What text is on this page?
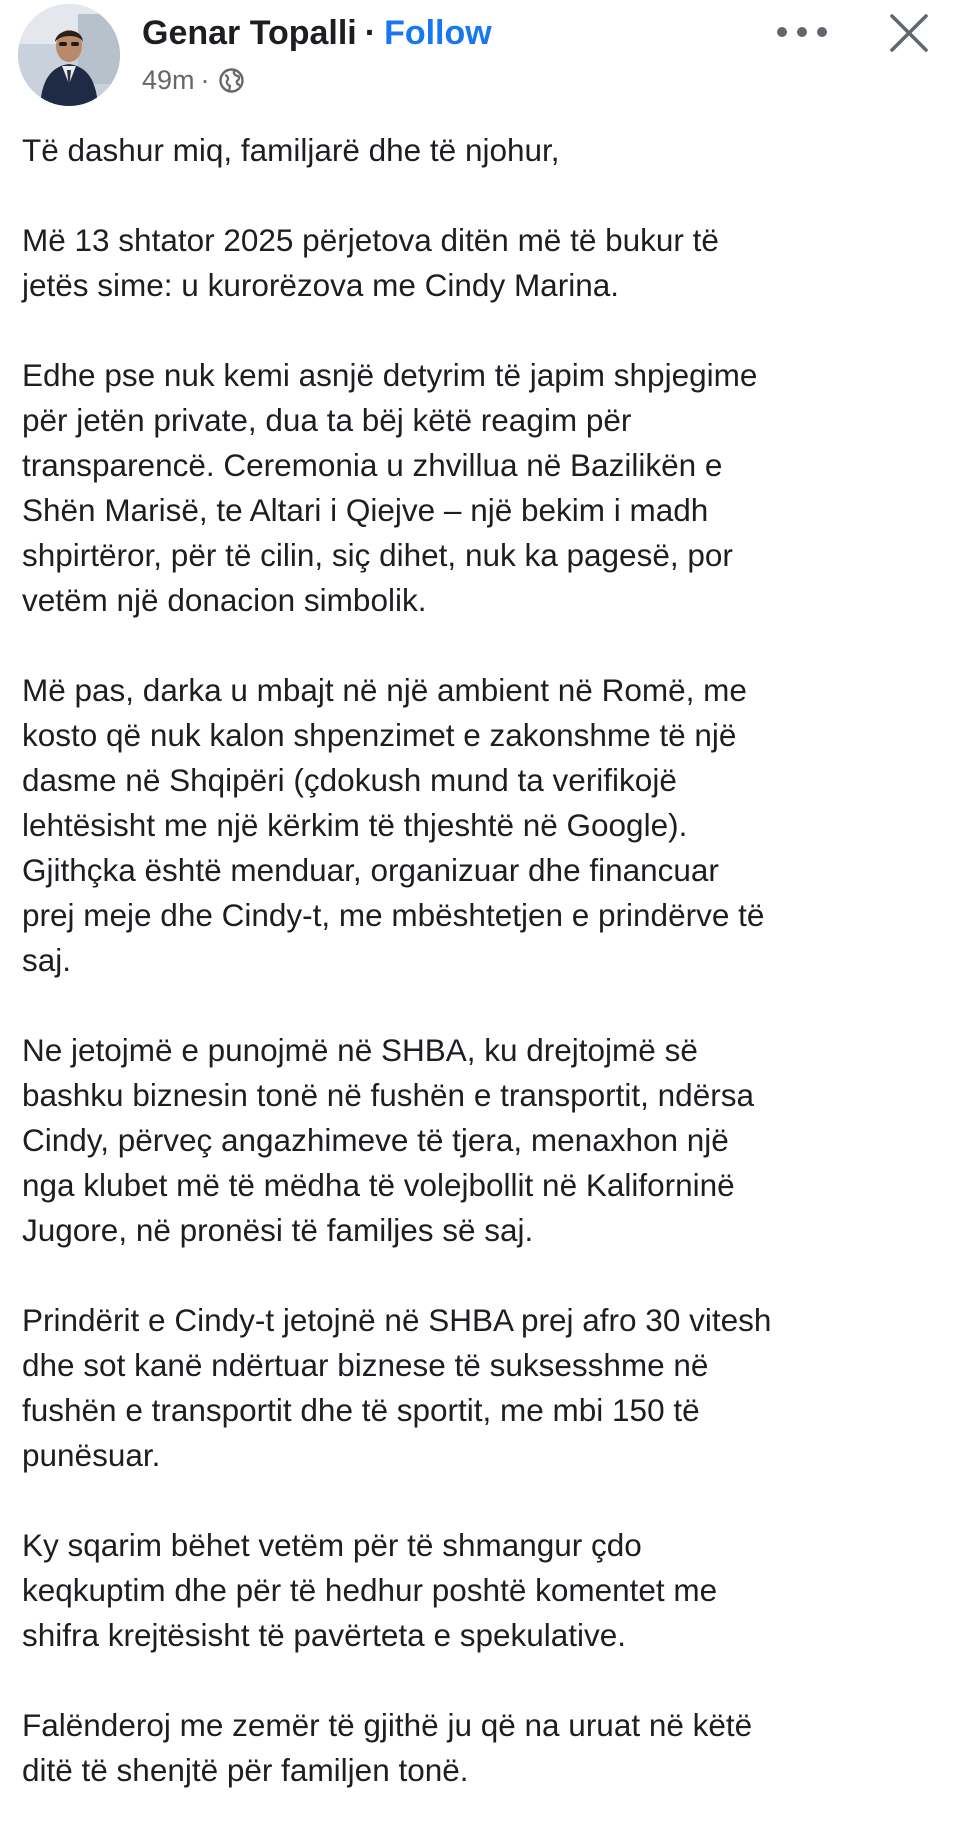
Genar Topalli · Follow
49m ·

Të dashur miq, familjarë dhe të njohur,

Më 13 shtator 2025 përjetova ditën më të bukur të
jetës sime: u kurorëzova me Cindy Marina.

Edhe pse nuk kemi asnjë detyrim të japim shpjegime
për jetën private, dua ta bëj këtë reagim për
transparencë. Ceremonia u zhvillua në Bazilikën e
Shën Marisë, te Altari i Qiejve – një bekim i madh
shpirtëror, për të cilin, siç dihet, nuk ka pagesë, por
vetëm një donacion simbolik.

Më pas, darka u mbajt në një ambient në Romë, me
kosto që nuk kalon shpenzimet e zakonshme të një
dasme në Shqipëri (çdokush mund ta verifikojë
lehtësisht me një kërkim të thjeshtë në Google).
Gjithçka është menduar, organizuar dhe financuar
prej meje dhe Cindy-t, me mbështetjen e prindërve të
saj.

Ne jetojmë e punojmë në SHBA, ku drejtojmë së
bashku biznesin tonë në fushën e transportit, ndërsa
Cindy, përveç angazhimeve të tjera, menaxhon një
nga klubet më të mëdha të volejbollit në Kaliforninë
Jugore, në pronësi të familjes së saj.

Prindërit e Cindy-t jetojnë në SHBA prej afro 30 vitesh
dhe sot kanë ndërtuar biznese të suksesshme në
fushën e transportit dhe të sportit, me mbi 150 të
punësuar.

Ky sqarim bëhet vetëm për të shmangur çdo
keqkuptim dhe për të hedhur poshtë komentet me
shifra krejtësisht të pavërteta e spekulative.

Falënderoj me zemër të gjithë ju që na uruat në këtë
ditë të shenjtë për familjen tonë.
